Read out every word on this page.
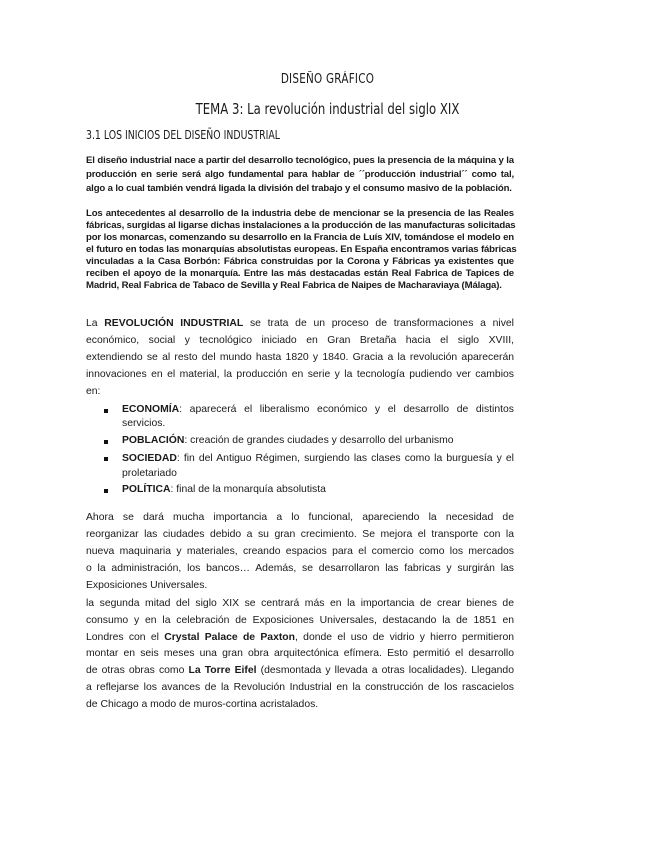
DISEÑO GRÁFICO
TEMA 3: La revolución industrial del siglo XIX
3.1 LOS INICIOS DEL DISEÑO INDUSTRIAL
El diseño industrial nace a partir del desarrollo tecnológico, pues la presencia de la máquina y la
producción en serie será algo fundamental para hablar de ´´producción industrial´´ como tal,
algo a lo cual también vendrá ligada la división del trabajo y el consumo masivo de la población.
Los antecedentes al desarrollo de la industria debe de mencionar se la presencia de las Reales
fábricas, surgidas al ligarse dichas instalaciones a la producción de las manufacturas solicitadas
por los monarcas, comenzando su desarrollo en la Francia de Luís XIV, tomándose el modelo en
el futuro en todas las monarquías absolutistas europeas. En España encontramos varias fábricas
vinculadas a la Casa Borbón: Fábrica construidas por la Corona y Fábricas ya existentes que
reciben el apoyo de la monarquía. Entre las más destacadas están Real Fabrica de Tapices de
Madrid, Real Fabrica de Tabaco de Sevilla y Real Fabrica de Naipes de Macharaviaya (Málaga).
La REVOLUCIÓN INDUSTRIAL se trata de un proceso de transformaciones a nivel
económico, social y tecnológico iniciado en Gran Bretaña hacia el siglo XVIII,
extendiendo se al resto del mundo hasta 1820 y 1840. Gracia a la revolución aparecerán
innovaciones en el material, la producción en serie y la tecnología pudiendo ver cambios
en:
ECONOMÍA: aparecerá el liberalismo económico y el desarrollo de distintos
servicios.
POBLACIÓN: creación de grandes ciudades y desarrollo del urbanismo
SOCIEDAD: fin del Antiguo Régimen, surgiendo las clases como la burguesía y el
proletariado
POLÍTICA: final de la monarquía absolutista
Ahora se dará mucha importancia a lo funcional, apareciendo la necesidad de
reorganizar las ciudades debido a su gran crecimiento. Se mejora el transporte con la
nueva maquinaria y materiales, creando espacios para el comercio como los mercados
o la administración, los bancos… Además, se desarrollaron las fabricas y surgirán las
Exposiciones Universales.
la segunda mitad del siglo XIX se centrará más en la importancia de crear bienes de
consumo y en la celebración de Exposiciones Universales, destacando la de 1851 en
Londres con el Crystal Palace de Paxton, donde el uso de vidrio y hierro permitieron
montar en seis meses una gran obra arquitectónica efímera. Esto permitió el desarrollo
de otras obras como La Torre Eifel (desmontada y llevada a otras localidades). Llegando
a reflejarse los avances de la Revolución Industrial en la construcción de los rascacielos
de Chicago a modo de muros-cortina acristalados.
